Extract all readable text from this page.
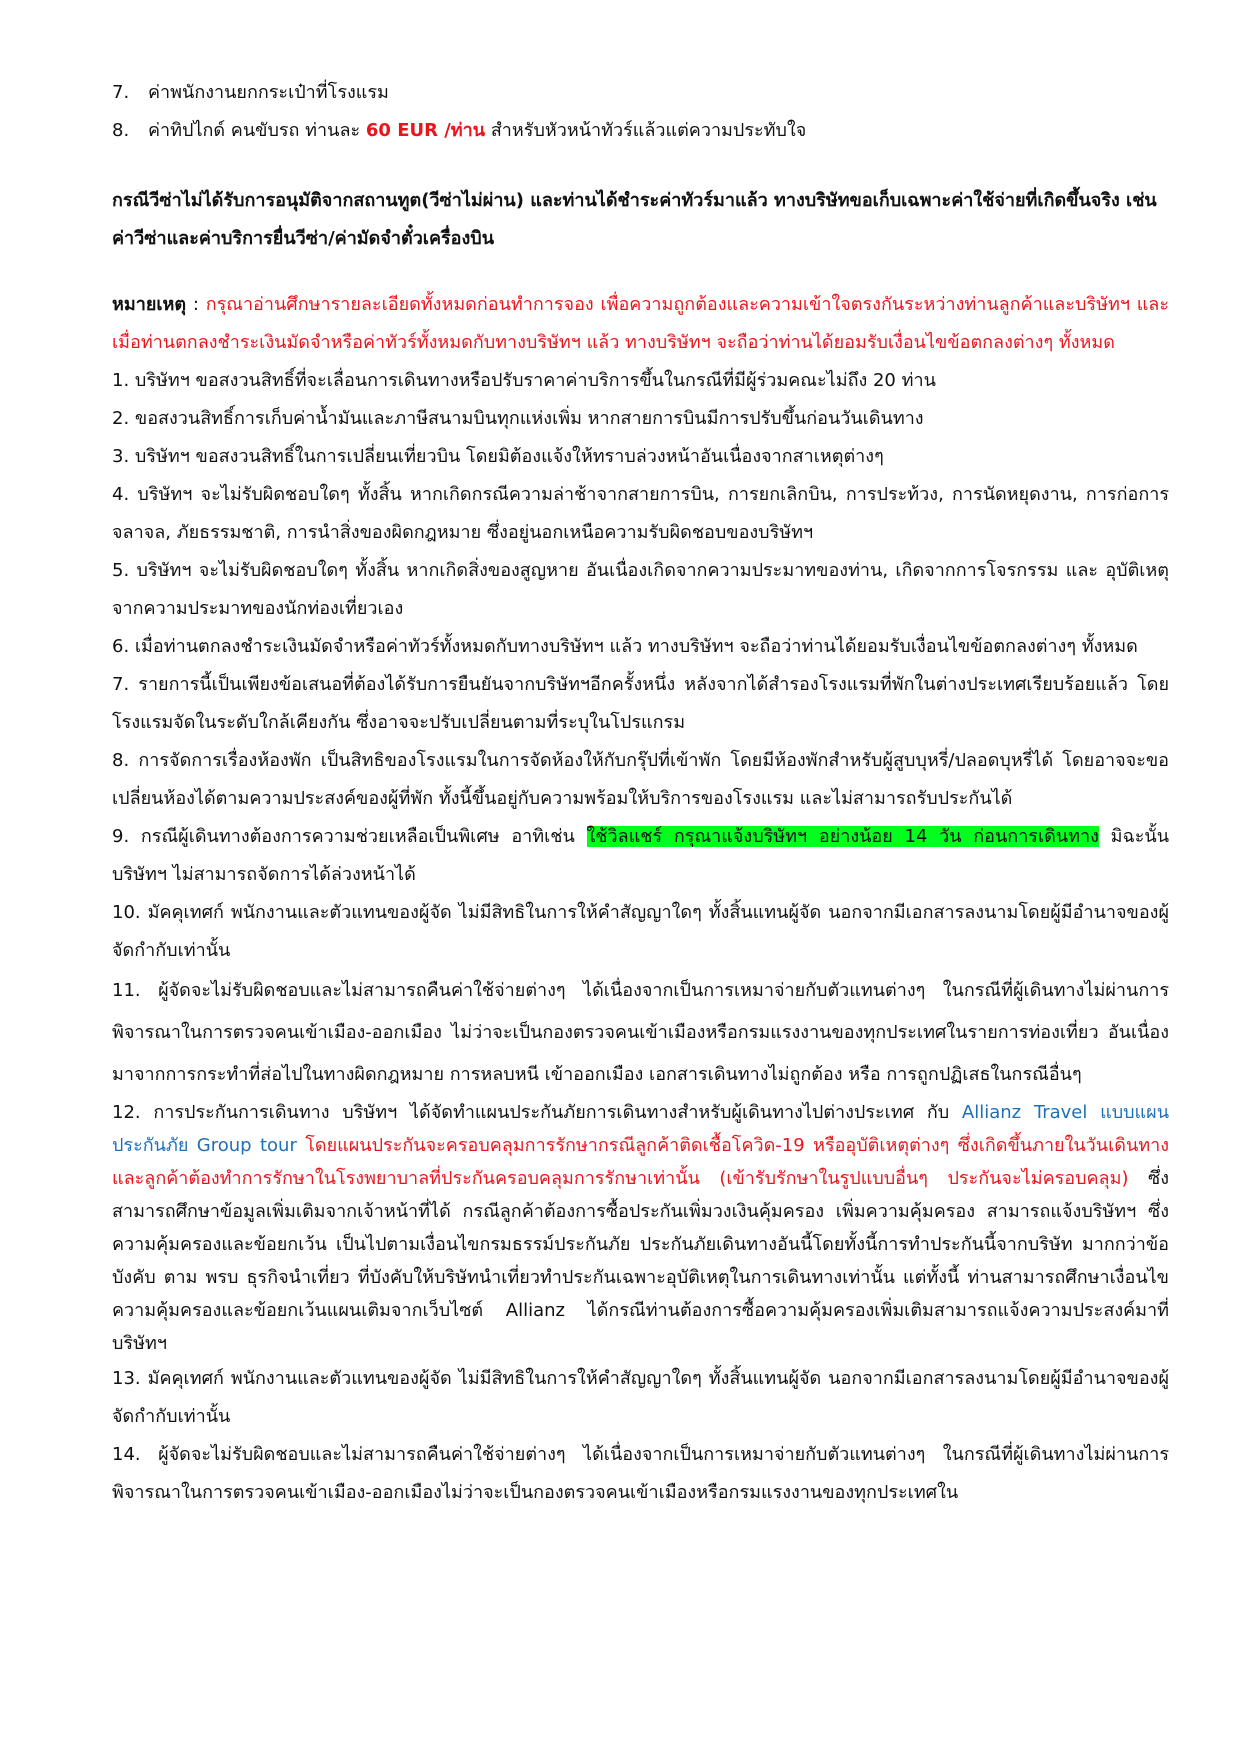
7. ค่าพนักงานยกกระเป๋าที่โรงแรม

8. ค่าทิปไกด์ คนขับรถ ท่านละ 60 EUR /ท่าน สำหรับหัวหน้าทัวร์แล้วแต่ความประทับใจ

กรณีวีซ่าไม่ได้รับการอนุมัติจากสถานทูต(วีซ่าไม่ผ่าน) และท่านได้ชำระค่าทัวร์มาแล้ว ทางบริษัทขอเก็บเฉพาะค่าใช้จ่ายที่เกิดขึ้นจริง เช่นค่าวีซ่าและค่าบริการยื่นวีซ่า/ค่ามัดจำตั๋วเครื่องบิน

หมายเหตุ : กรุณาอ่านศึกษารายละเอียดทั้งหมดก่อนทำการจอง เพื่อความถูกต้องและความเข้าใจตรงกันระหว่างท่านลูกค้าและบริษัทฯ และเมื่อท่านตกลงชำระเงินมัดจำหรือค่าทัวร์ทั้งหมดกับทางบริษัทฯ แล้ว ทางบริษัทฯ จะถือว่าท่านได้ยอมรับเงื่อนไขข้อตกลงต่างๆ ทั้งหมด

1. บริษัทฯ ขอสงวนสิทธิ์ที่จะเลื่อนการเดินทางหรือปรับราคาค่าบริการขึ้นในกรณีที่มีผู้ร่วมคณะไม่ถึง 20 ท่าน

2. ขอสงวนสิทธิ์การเก็บค่าน้ำมันและภาษีสนามบินทุกแห่งเพิ่ม หากสายการบินมีการปรับขึ้นก่อนวันเดินทาง

3. บริษัทฯ ขอสงวนสิทธิ์ในการเปลี่ยนเที่ยวบิน โดยมิต้องแจ้งให้ทราบล่วงหน้าอันเนื่องจากสาเหตุต่างๆ

4. บริษัทฯ จะไม่รับผิดชอบใดๆ ทั้งสิ้น หากเกิดกรณีความล่าช้าจากสายการบิน, การยกเลิกบิน, การประท้วง, การนัดหยุดงาน, การก่อการจลาจล, ภัยธรรมชาติ, การนำสิ่งของผิดกฎหมาย ซึ่งอยู่นอกเหนือความรับผิดชอบของบริษัทฯ

5. บริษัทฯ จะไม่รับผิดชอบใดๆ ทั้งสิ้น หากเกิดสิ่งของสูญหาย อันเนื่องเกิดจากความประมาทของท่าน, เกิดจากการโจรกรรม และ อุบัติเหตุจากความประมาทของนักท่องเที่ยวเอง

6. เมื่อท่านตกลงชำระเงินมัดจำหรือค่าทัวร์ทั้งหมดกับทางบริษัทฯ แล้ว ทางบริษัทฯ จะถือว่าท่านได้ยอมรับเงื่อนไขข้อตกลงต่างๆ ทั้งหมด

7. รายการนี้เป็นเพียงข้อเสนอที่ต้องได้รับการยืนยันจากบริษัทฯอีกครั้งหนึ่ง หลังจากได้สำรองโรงแรมที่พักในต่างประเทศเรียบร้อยแล้ว โดยโรงแรมจัดในระดับใกล้เคียงกัน ซึ่งอาจจะปรับเปลี่ยนตามที่ระบุในโปรแกรม

8. การจัดการเรื่องห้องพัก เป็นสิทธิของโรงแรมในการจัดห้องให้กับกรุ๊ปที่เข้าพัก โดยมีห้องพักสำหรับผู้สูบบุหรี่/ปลอดบุหรี่ได้ โดยอาจจะขอเปลี่ยนห้องได้ตามความประสงค์ของผู้ที่พัก ทั้งนี้ขึ้นอยู่กับความพร้อมให้บริการของโรงแรม และไม่สามารถรับประกันได้

9. กรณีผู้เดินทางต้องการความช่วยเหลือเป็นพิเศษ อาทิเช่น ใช้วิลแชร์ กรุณาแจ้งบริษัทฯ อย่างน้อย 14 วัน ก่อนการเดินทาง มิฉะนั้น บริษัทฯ ไม่สามารถจัดการได้ล่วงหน้าได้

10. มัคคุเทศก์ พนักงานและตัวแทนของผู้จัด ไม่มีสิทธิในการให้คำสัญญาใดๆ ทั้งสิ้นแทนผู้จัด นอกจากมีเอกสารลงนามโดยผู้มีอำนาจของผู้จัดกำกับเท่านั้น

11. ผู้จัดจะไม่รับผิดชอบและไม่สามารถคืนค่าใช้จ่ายต่างๆ ได้เนื่องจากเป็นการเหมาจ่ายกับตัวแทนต่างๆ ในกรณีที่ผู้เดินทางไม่ผ่านการพิจารณาในการตรวจคนเข้าเมือง-ออกเมือง ไม่ว่าจะเป็นกองตรวจคนเข้าเมืองหรือกรมแรงงานของทุกประเทศในรายการท่องเที่ยว อันเนื่องมาจากการกระทำที่ส่อไปในทางผิดกฎหมาย การหลบหนี เข้าออกเมือง เอกสารเดินทางไม่ถูกต้อง หรือ การถูกปฏิเสธในกรณีอื่นๆ

12. การประกันการเดินทาง บริษัทฯ ได้จัดทำแผนประกันภัยการเดินทางสำหรับผู้เดินทางไปต่างประเทศ กับ Allianz Travel แบบแผนประกันภัย Group tour โดยแผนประกันจะครอบคลุมการรักษากรณีลูกค้าติดเชื้อโควิด-19 หรืออุบัติเหตุต่างๆ ซึ่งเกิดขึ้นภายในวันเดินทาง และลูกค้าต้องทำการรักษาในโรงพยาบาลที่ประกันครอบคลุมการรักษาเท่านั้น (เข้ารับรักษาในรูปแบบอื่นๆ ประกันจะไม่ครอบคลุม) ซึ่งสามารถศึกษาข้อมูลเพิ่มเติมจากเจ้าหน้าที่ได้ กรณีลูกค้าต้องการซื้อประกันเพิ่มวงเงินคุ้มครอง เพิ่มความคุ้มครอง สามารถแจ้งบริษัทฯ ซึ่งความคุ้มครองและข้อยกเว้น เป็นไปตามเงื่อนไขกรมธรรม์ประกันภัย ประกันภัยเดินทางอันนี้โดยทั้งนี้การทำประกันนี้จากบริษัท มากกว่าข้อบังคับ ตาม พรบ ธุรกิจนำเที่ยว ที่บังคับให้บริษัทนำเที่ยวทำประกันเฉพาะอุบัติเหตุในการเดินทางเท่านั้น แต่ทั้งนี้ ท่านสามารถศึกษาเงื่อนไขความคุ้มครองและข้อยกเว้นแผนเติมจากเว็บไซต์ Allianz ได้กรณีท่านต้องการซื้อความคุ้มครองเพิ่มเติมสามารถแจ้งความประสงค์มาที่บริษัทฯ

13. มัคคุเทศก์ พนักงานและตัวแทนของผู้จัด ไม่มีสิทธิในการให้คำสัญญาใดๆ ทั้งสิ้นแทนผู้จัด นอกจากมีเอกสารลงนามโดยผู้มีอำนาจของผู้จัดกำกับเท่านั้น

14. ผู้จัดจะไม่รับผิดชอบและไม่สามารถคืนค่าใช้จ่ายต่างๆ ได้เนื่องจากเป็นการเหมาจ่ายกับตัวแทนต่างๆ ในกรณีที่ผู้เดินทางไม่ผ่านการพิจารณาในการตรวจคนเข้าเมือง-ออกเมืองไม่ว่าจะเป็นกองตรวจคนเข้าเมืองหรือกรมแรงงานของทุกประเทศใน
